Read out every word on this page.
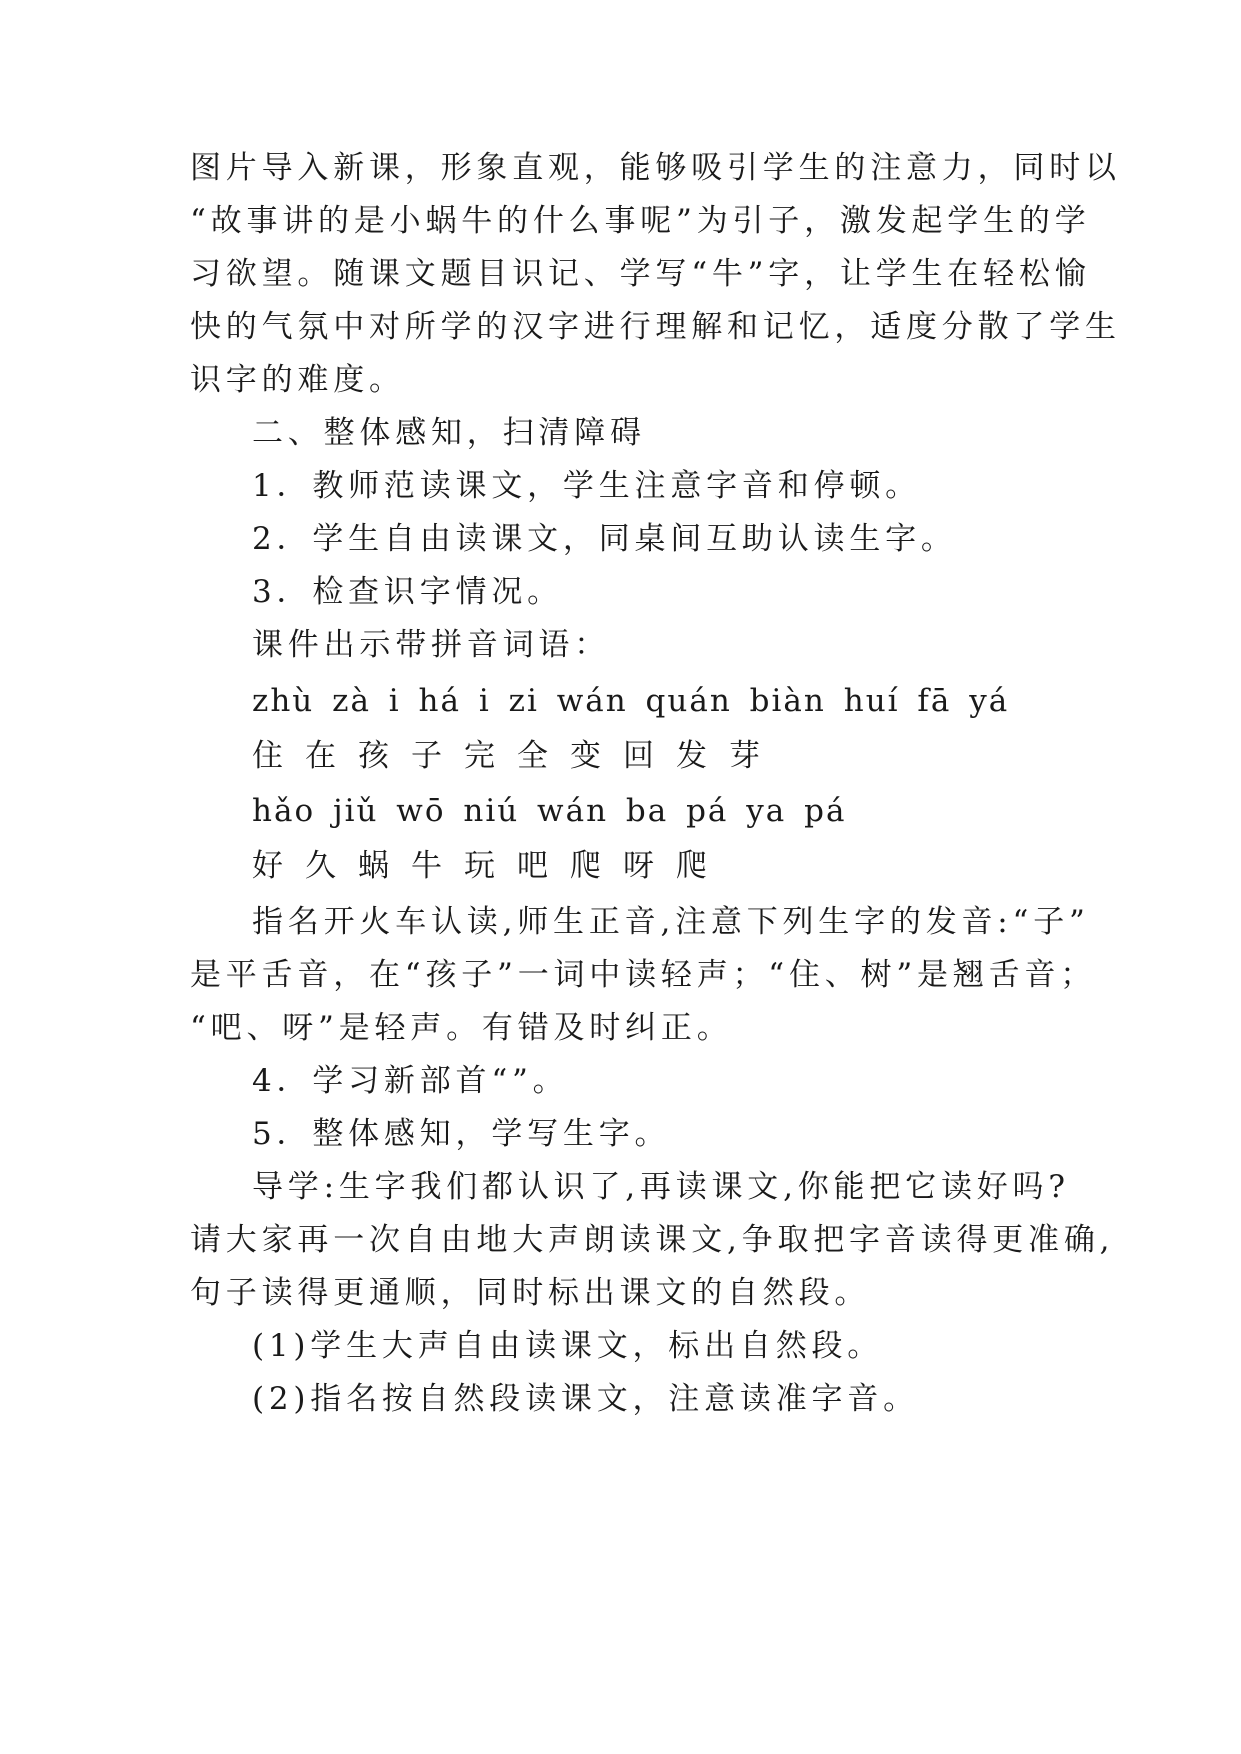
图片导入新课，形象直观，能够吸引学生的注意力，同时以

“故事讲的是小蜗牛的什么事呢”为引子，激发起学生的学

习欲望。随课文题目识记、学写“牛”字，让学生在轻松愉

快的气氛中对所学的汉字进行理解和记忆，适度分散了学生

识字的难度。

二、整体感知，扫清障碍

1．教师范读课文，学生注意字音和停顿。

2．学生自由读课文，同桌间互助认读生字。

3．检查识字情况。

课件出示带拼音词语：

zhù zà i há i zi wán quán biàn huí fā yá

住在孩子完全变回发芽

hǎo jiǔ wō niú wán ba pá ya pá

好久蜗牛玩吧爬呀爬

指名开火车认读,师生正音,注意下列生字的发音:“子”

是平舌音，在“孩子”一词中读轻声；“住、树”是翘舌音；

“吧、呀”是轻声。有错及时纠正。

4．学习新部首“”。

5．整体感知，学写生字。

导学:生字我们都认识了,再读课文,你能把它读好吗?

请大家再一次自由地大声朗读课文,争取把字音读得更准确,

句子读得更通顺，同时标出课文的自然段。

(1)学生大声自由读课文，标出自然段。

(2)指名按自然段读课文，注意读准字音。
